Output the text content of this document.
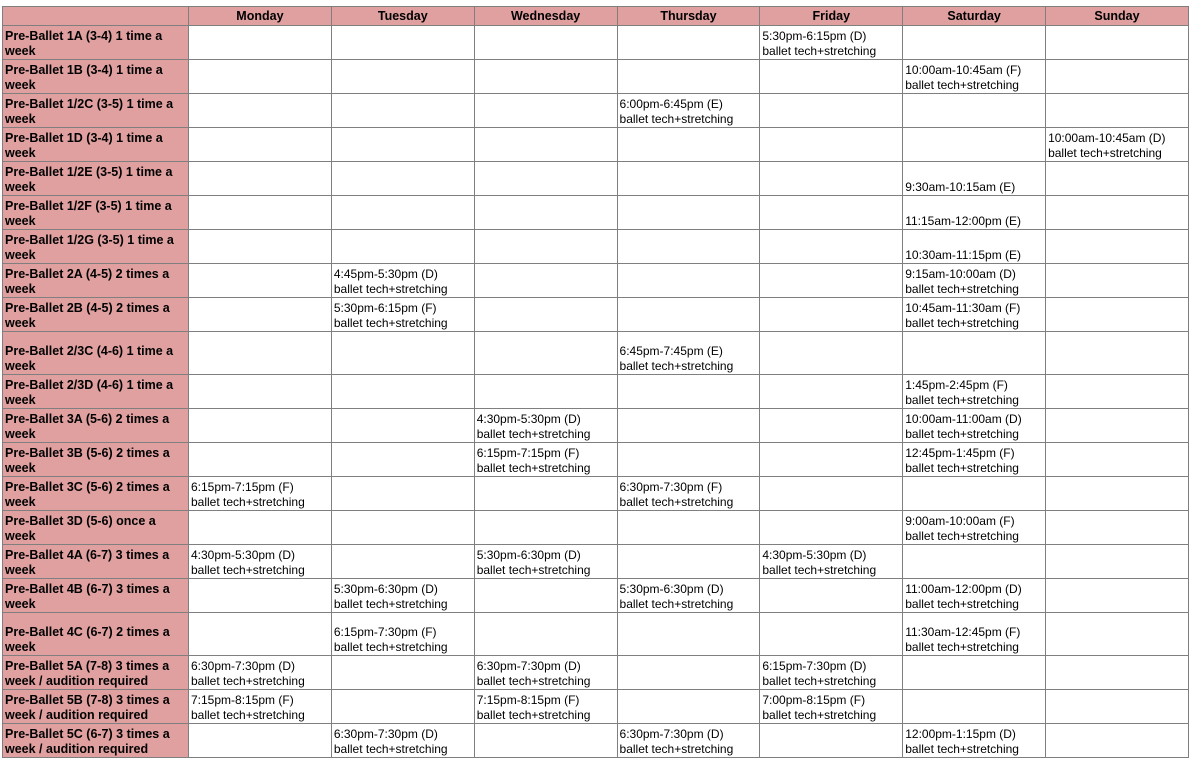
	Monday	Tuesday	Wednesday	Thursday	Friday	Saturday	Sunday
Pre-Ballet 1A (3-4) 1 time a week					5:30pm-6:15pm (D)
ballet tech+stretching		

Pre-Ballet 1B (3-4) 1 time a week						10:00am-10:45am (F)
ballet tech+stretching	

Pre-Ballet 1/2C (3-5) 1 time a week				6:00pm-6:45pm (E)
ballet tech+stretching			

Pre-Ballet 1D (3-4) 1 time a week							10:00am-10:45am (D)
ballet tech+stretching

Pre-Ballet 1/2E (3-5) 1 time a week						9:30am-10:15am (E)	
Pre-Ballet 1/2F (3-5) 1 time a week						11:15am-12:00pm (E)	
Pre-Ballet 1/2G (3-5) 1 time a week						10:30am-11:15pm (E)	
Pre-Ballet 2A (4-5) 2 times a week		4:45pm-5:30pm (D)
ballet tech+stretching				9:15am-10:00am (D)
ballet tech+stretching	

Pre-Ballet 2B (4-5) 2 times a week		5:30pm-6:15pm (F)
ballet tech+stretching				10:45am-11:30am (F)
ballet tech+stretching	

Pre-Ballet 2/3C (4-6) 1 time a week				6:45pm-7:45pm (E)
ballet tech+stretching			

Pre-Ballet 2/3D (4-6) 1 time a week						1:45pm-2:45pm (F)
ballet tech+stretching	

Pre-Ballet 3A (5-6) 2 times a week			4:30pm-5:30pm (D)
ballet tech+stretching			10:00am-11:00am (D)
ballet tech+stretching	

Pre-Ballet 3B (5-6) 2 times a week			6:15pm-7:15pm (F)
ballet tech+stretching			12:45pm-1:45pm (F)
ballet tech+stretching	

Pre-Ballet 3C (5-6) 2 times a week	6:15pm-7:15pm (F)
ballet tech+stretching			6:30pm-7:30pm (F)
ballet tech+stretching			

Pre-Ballet 3D (5-6) once a week						9:00am-10:00am (F)
ballet tech+stretching	

Pre-Ballet 4A (6-7) 3 times a week	4:30pm-5:30pm (D)
ballet tech+stretching		5:30pm-6:30pm (D)
ballet tech+stretching		4:30pm-5:30pm (D)
ballet tech+stretching		

Pre-Ballet 4B (6-7) 3 times a week		5:30pm-6:30pm (D)
ballet tech+stretching		5:30pm-6:30pm (D)
ballet tech+stretching		11:00am-12:00pm (D)
ballet tech+stretching	

Pre-Ballet 4C (6-7) 2 times a week		6:15pm-7:30pm (F)
ballet tech+stretching				11:30am-12:45pm (F)
ballet tech+stretching	

Pre-Ballet 5A (7-8) 3 times a week / audition required	6:30pm-7:30pm (D)
ballet tech+stretching		6:30pm-7:30pm (D)
ballet tech+stretching		6:15pm-7:30pm (D)
ballet tech+stretching		

Pre-Ballet 5B (7-8) 3 times a week / audition required	7:15pm-8:15pm (F)
ballet tech+stretching		7:15pm-8:15pm (F)
ballet tech+stretching		7:00pm-8:15pm (F)
ballet tech+stretching		

Pre-Ballet 5C (6-7) 3 times a week / audition required		6:30pm-7:30pm (D)
ballet tech+stretching		6:30pm-7:30pm (D)
ballet tech+stretching		12:00pm-1:15pm (D)
ballet tech+stretching	
